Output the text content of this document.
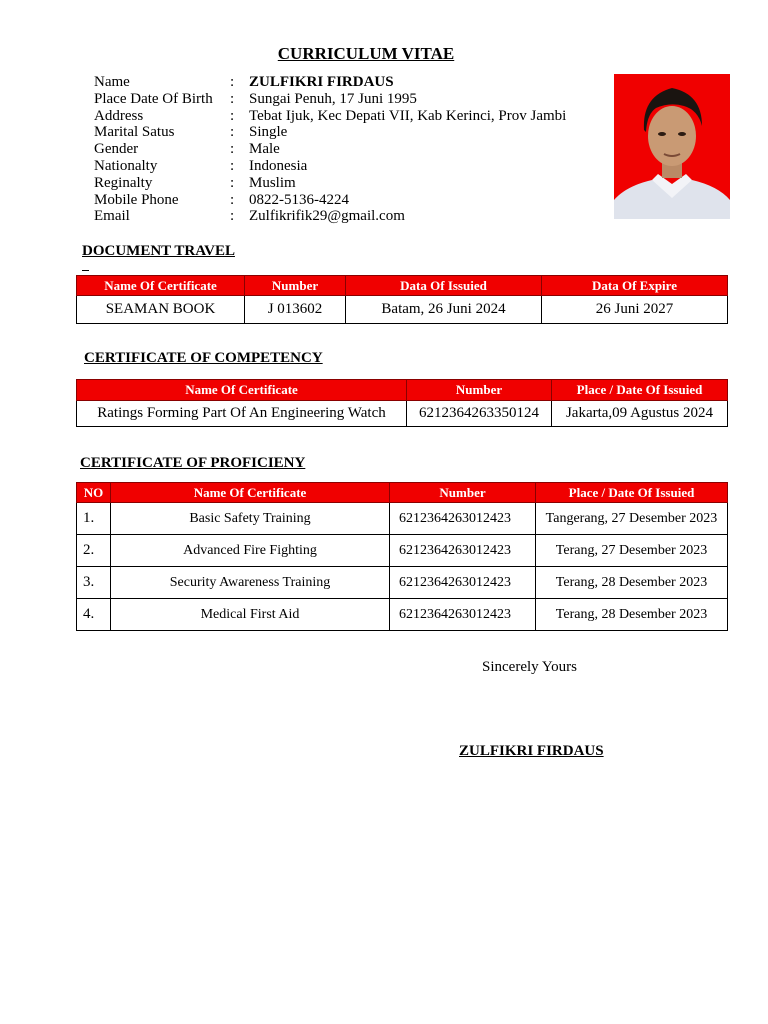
CURRICULUM VITAE
Name	: ZULFIKRI FIRDAUS
Place Date Of Birth	: Sungai Penuh, 17 Juni 1995
Address	: Tebat Ijuk, Kec Depati VII, Kab Kerinci, Prov Jambi
Marital Satus	: Single
Gender	: Male
Nationalty	: Indonesia
Reginalty	: Muslim
Mobile Phone	: 0822-5136-4224
Email	: Zulfikrifik29@gmail.com
DOCUMENT TRAVEL
Name Of Certificate	Number	Data Of Issuied	Data Of Expire
SEAMAN BOOK	J 013602	Batam, 26 Juni 2024	26 Juni 2027
CERTIFICATE OF COMPETENCY
Name Of Certificate	Number	Place / Date Of Issuied
Ratings Forming Part Of An Engineering Watch	6212364263350124	Jakarta,09 Agustus 2024
CERTIFICATE OF PROFICIENY
NO	Name Of Certificate	Number	Place / Date Of Issuied
1.	Basic Safety Training	6212364263012423	Tangerang, 27 Desember 2023
2.	Advanced Fire Fighting	6212364263012423	Terang, 27 Desember 2023
3.	Security Awareness Training	6212364263012423	Terang, 28 Desember 2023
4.	Medical First Aid	6212364263012423	Terang, 28 Desember 2023
Sincerely Yours
ZULFIKRI FIRDAUS
